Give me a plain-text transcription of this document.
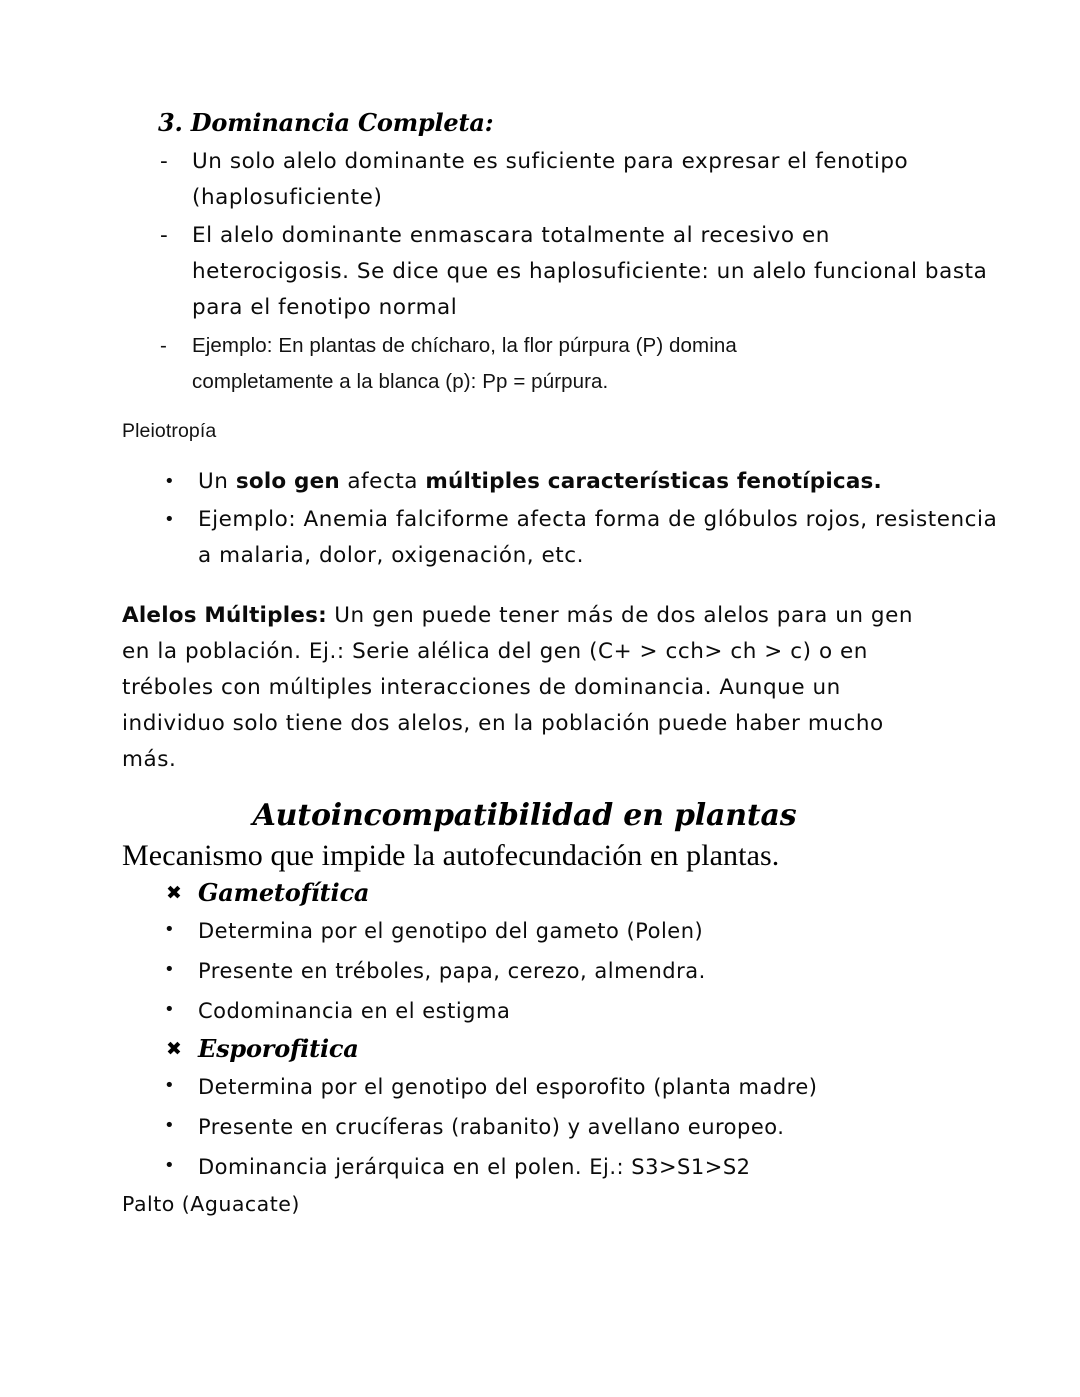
3. Dominancia Completa:
-	Un solo alelo dominante es suficiente para expresar el fenotipo (haplosuficiente)
-	El alelo dominante enmascara totalmente al recesivo en heterocigosis. Se dice que es haplosuficiente: un alelo funcional basta para el fenotipo normal
-	Ejemplo: En plantas de chícharo, la flor púrpura (P) domina completamente a la blanca (p): Pp = púrpura.

Pleiotropía

•	Un solo gen afecta múltiples características fenotípicas.
•	Ejemplo: Anemia falciforme afecta forma de glóbulos rojos, resistencia a malaria, dolor, oxigenación, etc.

Alelos Múltiples: Un gen puede tener más de dos alelos para un gen en la población. Ej.: Serie alélica del gen (C+ > cch> ch > c) o en tréboles con múltiples interacciones de dominancia. Aunque un individuo solo tiene dos alelos, en la población puede haber mucho más.

Autoincompatibilidad en plantas

Mecanismo que impide la autofecundación en plantas.

✖ Gametofítica
•	Determina por el genotipo del gameto (Polen)
•	Presente en tréboles, papa, cerezo, almendra.
•	Codominancia en el estigma
✖ Esporofitica
•	Determina por el genotipo del esporofito (planta madre)
•	Presente en crucíferas (rabanito) y avellano europeo.
•	Dominancia jerárquica en el polen. Ej.: S3>S1>S2

Palto (Aguacate)
